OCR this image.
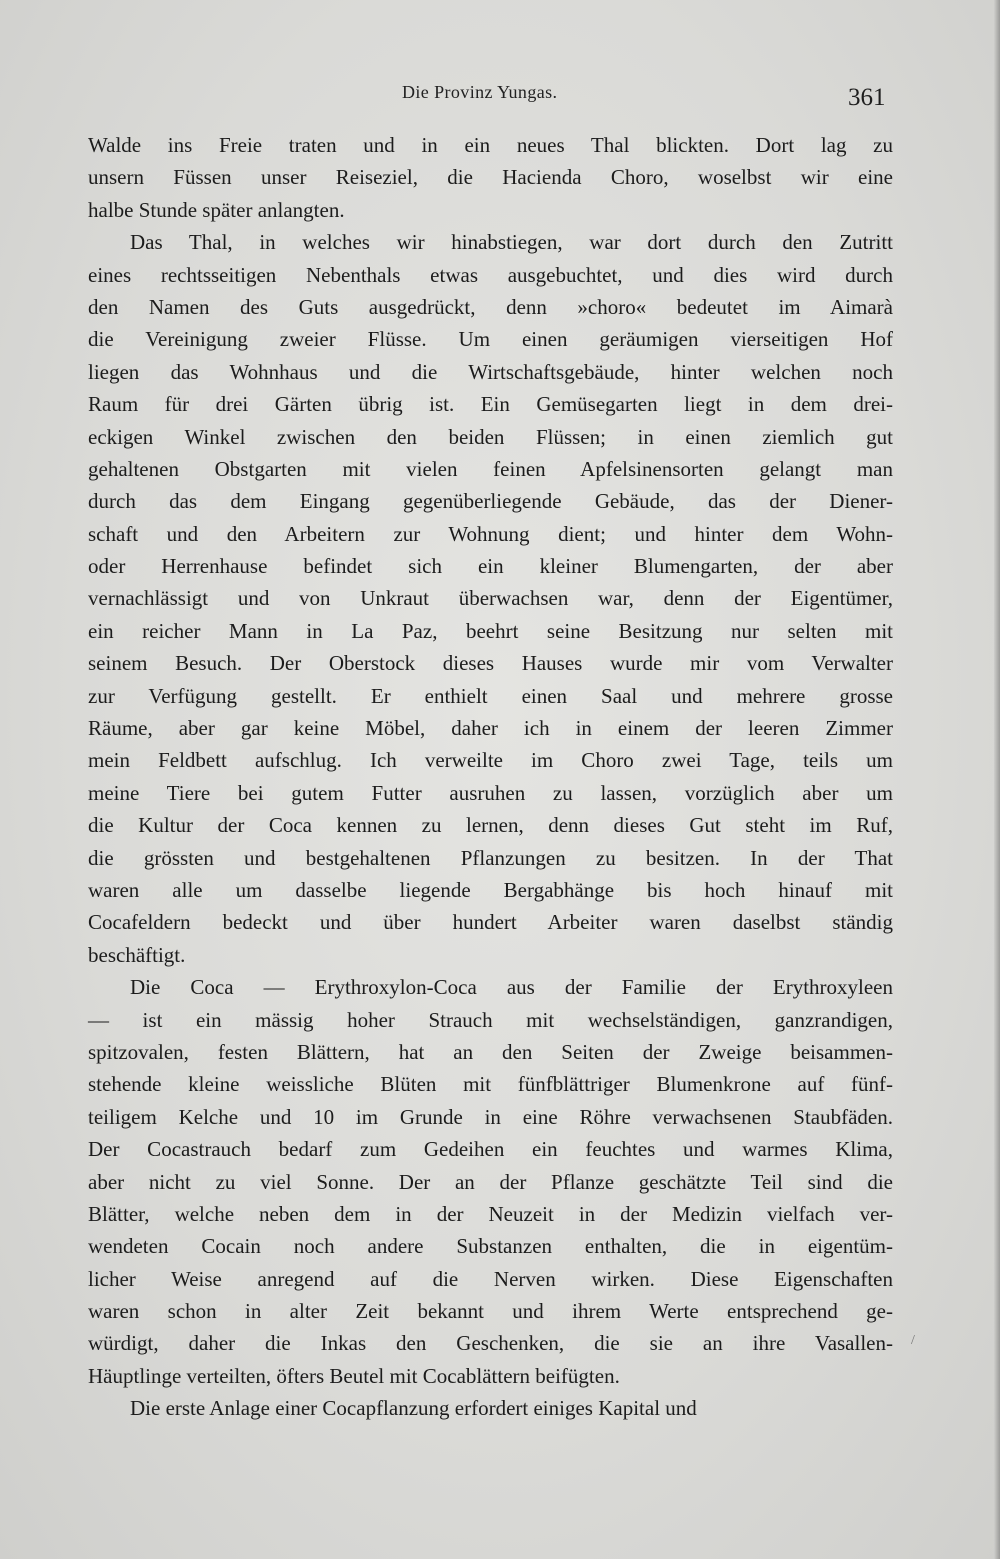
Die Provinz Yungas.	361
Walde ins Freie traten und in ein neues Thal blickten. Dort lag zu
unsern Füssen unser Reiseziel, die Hacienda Choro, woselbst wir eine
halbe Stunde später anlangten.
Das Thal, in welches wir hinabstiegen, war dort durch den Zutritt
eines rechtsseitigen Nebenthals etwas ausgebuchtet, und dies wird durch
den Namen des Guts ausgedrückt, denn »choro« bedeutet im Aimarà
die Vereinigung zweier Flüsse. Um einen geräumigen vierseitigen Hof
liegen das Wohnhaus und die Wirtschaftsgebäude, hinter welchen noch
Raum für drei Gärten übrig ist. Ein Gemüsegarten liegt in dem drei-
eckigen Winkel zwischen den beiden Flüssen; in einen ziemlich gut
gehaltenen Obstgarten mit vielen feinen Apfelsinensorten gelangt man
durch das dem Eingang gegenüberliegende Gebäude, das der Diener-
schaft und den Arbeitern zur Wohnung dient; und hinter dem Wohn-
oder Herrenhause befindet sich ein kleiner Blumengarten, der aber
vernachlässigt und von Unkraut überwachsen war, denn der Eigentümer,
ein reicher Mann in La Paz, beehrt seine Besitzung nur selten mit
seinem Besuch. Der Oberstock dieses Hauses wurde mir vom Verwalter
zur Verfügung gestellt. Er enthielt einen Saal und mehrere grosse
Räume, aber gar keine Möbel, daher ich in einem der leeren Zimmer
mein Feldbett aufschlug. Ich verweilte im Choro zwei Tage, teils um
meine Tiere bei gutem Futter ausruhen zu lassen, vorzüglich aber um
die Kultur der Coca kennen zu lernen, denn dieses Gut steht im Ruf,
die grössten und bestgehaltenen Pflanzungen zu besitzen. In der That
waren alle um dasselbe liegende Bergabhänge bis hoch hinauf mit
Cocafeldern bedeckt und über hundert Arbeiter waren daselbst ständig
beschäftigt.
Die Coca — Erythroxylon-Coca aus der Familie der Erythroxyleen
— ist ein mässig hoher Strauch mit wechselständigen, ganzrandigen,
spitzovalen, festen Blättern, hat an den Seiten der Zweige beisammen-
stehende kleine weissliche Blüten mit fünfblättriger Blumenkrone auf fünf-
teiligem Kelche und 10 im Grunde in eine Röhre verwachsenen Staubfäden.
Der Cocastrauch bedarf zum Gedeihen ein feuchtes und warmes Klima,
aber nicht zu viel Sonne. Der an der Pflanze geschätzte Teil sind die
Blätter, welche neben dem in der Neuzeit in der Medizin vielfach ver-
wendeten Cocain noch andere Substanzen enthalten, die in eigentüm-
licher Weise anregend auf die Nerven wirken. Diese Eigenschaften
waren schon in alter Zeit bekannt und ihrem Werte entsprechend ge-
würdigt, daher die Inkas den Geschenken, die sie an ihre Vasallen-
Häuptlinge verteilten, öfters Beutel mit Cocablättern beifügten.
Die erste Anlage einer Cocapflanzung erfordert einiges Kapital und
/
